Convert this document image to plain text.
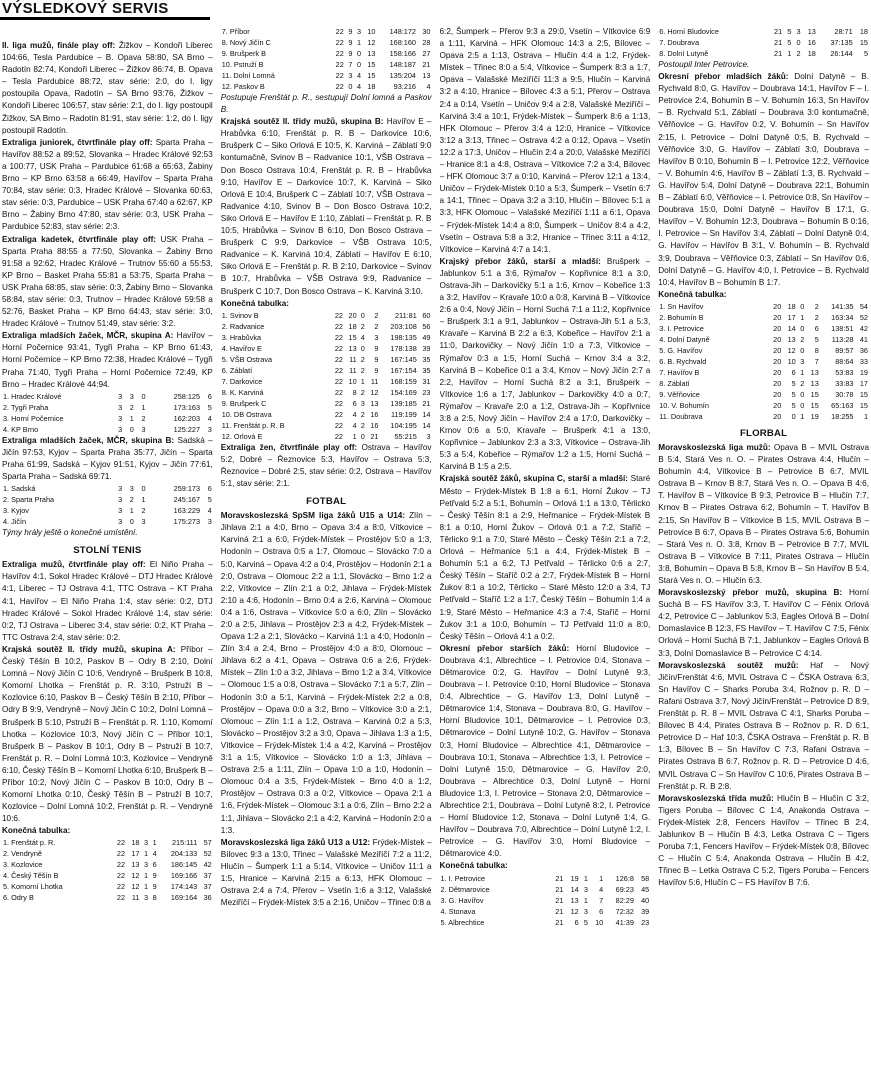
VÝSLEDKOVÝ SERVIS

II. liga mužů, finále play off: Žižkov – Kondoři Liberec 104:66, Tesla Pardubice – B. Opava 58:80, SA Brno – Radotín 82:74, Kondoři Liberec – Žižkov 86:74, B. Opava – Tesla Pardubice 88:72, stav série: 2:0, do I. ligy postoupila Opava, Radotín – SA Brno 93:76, Žižkov – Kondoři Liberec 106:57, stav série: 2:1, do I. ligy postoupil Žižkov, SA Brno – Radotín 81:91, stav série: 1:2, do I. ligy postoupil Radotín.

Extraliga juniorek, čtvrtfinále play off: Sparta Praha – Havířov 88:52 a 89:52, Slovanka – Hradec Králové 92:53 a 100:77, USK Praha – Pardubice 61:68 a 65:63, Žabiny Brno – KP Brno 63:58 a 66:49, Havířov – Sparta Praha 70:84, stav série: 0:3, Hradec Králové – Slovanka 60:63, stav série: 0:3, Pardubice – USK Praha 67:40 a 62:67, KP Brno – Žabiny Brno 47:80, stav série: 0:3, USK Praha – Pardubice 52:83, stav série: 2:3.

Extraliga kadetek, čtvrtfinále play off: USK Praha – Sparta Praha 88:55 a 77:50, Slovanka – Žabiny Brno 91:58 a 92:62, Hradec Králové – Trutnov 55:60 a 55:53, KP Brno – Basket Praha 55:81 a 53:75, Sparta Praha – USK Praha 68:85, stav série: 0:3, Žabiny Brno – Slovanka 58:84, stav série: 0:3, Trutnov – Hradec Králové 59:58 a 52:76, Basket Praha – KP Brno 64:43, stav série: 3:0, Hradec Králové – Trutnov 51:49, stav série: 3:2.

Extraliga mladších žaček, MČR, skupina A: Havířov – Horní Počernice 93:41, Tygři Praha – KP Brno 61:43, Horní Počernice – KP Brno 72:38, Hradec Králové – Tygři Praha 71:40, Tygři Praha – Horní Počernice 72:49, KP Brno – Hradec Králové 44:94.

1. Hradec Králové	3	3	0	258:125	6
2. Tygři Praha	3	2	1	173:163	5
3. Horní Počernice	3	1	2	162:203	4
4. KP Brno	3	0	3	125:227	3

Extraliga mladších žaček, MČR, skupina B: Sadská – Jičín 97:53, Kyjov – Sparta Praha 35:77, Jičín – Sparta Praha 61:99, Sadská – Kyjov 91:51, Kyjov – Jičín 77:61, Sparta Praha – Sadská 69:71.

1. Sadská	3	3	0	259:173	6
2. Sparta Praha	3	2	1	245:167	5
3. Kyjov	3	1	2	163:229	4
4. Jičín	3	0	3	175:273	3
Týmy hrály ještě o konečné umístění.
STOLNÍ TENIS

Extraliga mužů, čtvrtfinále play off: El Niño Praha – Havířov 4:1, Sokol Hradec Králové – DTJ Hradec Králové 4:1, Liberec – TJ Ostrava 4:1, TTC Ostrava – KT Praha 4:1, Havířov – El Niño Praha 1:4, stav série: 0:2, DTJ Hradec Králové – Sokol Hradec Králové 1:4, stav série: 0:2, TJ Ostrava – Liberec 3:4, stav série: 0:2, KT Praha – TTC Ostrava 2:4, stav série: 0:2.

Krajská soutěž II. třídy mužů, skupina A: Příbor – Český Těšín B 10:2, Paskov B – Odry B 2:10, Dolní Lomná – Nový Jičín C 10:6, Vendryně – Brušperk B 10:8, Komorní Lhotka – Frenštát p. R. 3:10, Pstruží B – Kozlovice 6:10, Paskov B – Český Těšín B 2:10, Příbor – Odry B 9:9, Vendryně – Nový Jičín C 10:2, Dolní Lomná – Brušperk B 5:10, Pstruží B – Frenštát p. R. 1:10, Komorní Lhotka – Kozlovice 10:3, Nový Jičín C – Příbor 10:1, Brušperk B – Paskov B 10:1, Odry B – Pstruží B 10:7, Frenštát p. R. – Dolní Lomná 10:3, Kozlovice – Vendryně 6:10, Český Těšín B – Komorní Lhotka 6:10, Brušperk B – Příbor 10:2, Nový Jičín C – Paskov B 10:0, Odry B – Komorní Lhotka 0:10, Český Těšín B – Pstruží B 10:7, Kozlovice – Dolní Lomná 10:2, Frenštát p. R. – Vendryně 10:6.

Konečná tabulka:
1. Frenštát p. R.	22	18	3	1	215:111	57
2. Vendryně	22	17	1	4	204:133	52
3. Kozlovice	22	13	3	6	186:145	42
4. Český Těšín B	22	12	1	9	169:166	37
5. Komorní Lhotka	22	12	1	9	174:143	37
6. Odry B	22	11	3	8	169:164	36
7. Příbor	22	9	3	10	148:172	30
8. Nový Jičín C	22	9	1	12	168:160	28
9. Brušperk B	22	9	0	13	158:166	27
10. Pstruží B	22	7	0	15	148:187	21
11. Dolní Lomná	22	3	4	15	135:204	13
12. Paskov B	22	0	4	18	93:216	4
Postupuje Frenštát p. R., sestupují Dolní lomná a Paskov B.

Krajská soutěž II. třídy mužů, skupina B: Havířov E – Hrabůvka 6:10, Frenštát p. R. B – Darkovice 10:6, Brušperk C – Siko Orlová E 10:5, K. Karviná – Záblatí 9:0 kontumačně, Svinov B – Radvanice 10:1, VŠB Ostrava – Don Bosco Ostrava 10:4, Frenštát p. R. B – Hrabůvka 9:10, Havířov E – Darkovice 10:7, K. Karviná – Siko Orlová E 10:4, Brušperk C – Záblatí 10:7, VŠB Ostrava – Radvanice 4:10, Svinov B – Don Bosco Ostrava 10:2, Siko Orlová E – Havířov E 1:10, Záblatí – Frenštát p. R. B 10:5, Hrabůvka – Svinov B 6:10, Don Bosco Ostrava – Brušperk C 9:9, Darkovice – VŠB Ostrava 10:5, Radvanice – K. Karviná 10:4, Záblatí – Havířov E 6:10, Siko Orlová E – Frenštát p. R. B 2:10, Darkovice – Svinov B 10:7, Hrabůvka – VŠB Ostrava 9:9, Radvanice – Brušperk C 10:7, Don Bosco Ostrava – K. Karviná 3:10.

Konečná tabulka:
1. Svinov B	22	20	0	2	211:81	60
2. Radvanice	22	18	2	2	203:108	56
3. Hrabůvka	22	15	4	3	198:135	49
4. Havířov E	22	13	0	9	178:138	39
5. VŠB Ostrava	22	11	2	9	167:145	35
6. Záblatí	22	11	2	9	167:154	35
7. Darkovice	22	10	1	11	168:159	31
8. K. Karviná	22	8	2	12	154:169	23
9. Brušperk C	22	6	3	13	139:185	21
10. DB Ostrava	22	4	2	16	119:199	14
11. Frenštát p. R. B	22	4	2	16	104:195	14
12. Orlová E	22	1	0	21	55:215	3

Extraliga žen, čtvrtfinále play off: Ostrava – Havířov 5:2, Dobré – Řeznovice 5:3, Havířov – Ostrava 5:3, Řeznovice – Dobré 2:5, stav série: 0:2, Ostrava – Havířov 5:1, stav série: 2:1.

FOTBAL

Moravskoslezská SpSM liga žáků U15 a U14: Zlín – Jihlava 2:1 a 4:0, Brno – Opava 3:4 a 8:0, Vítkovice – Karviná 2:1 a 6:0, Frýdek-Místek – Prostějov 5:0 a 1:3, Hodonín – Ostrava 0:5 a 1:7, Olomouc – Slovácko 7:0 a 5:0, Karviná – Opava 4:2 a 0:4, Prostějov – Hodonín 2:1 a 2:0, Ostrava – Olomouc 2:2 a 1:1, Slovácko – Brno 1:2 a 2:2, Vítkovice – Zlín 2:1 a 0:2, Jihlava – Frýdek-Místek 2:10 a 4:6, Hodonín – Brno 0:4 a 2:6, Karviná – Olomouc 0:4 a 1:6, Ostrava – Vítkovice 5:0 a 6:0, Zlín – Slovácko 2:0 a 2:5, Jihlava – Prostějov 2:3 a 4:2, Frýdek-Místek – Opava 1:2 a 2:1, Slovácko – Karviná 1:1 a 4:0, Hodonín – Zlín 3:4 a 2:4, Brno – Prostějov 4:0 a 8:0, Olomouc – Jihlava 6:2 a 4:1, Opava – Ostrava 0:6 a 2:6, Frýdek-Místek – Zlín 1:0 a 3:2, Jihlava – Brno 1:2 a 3:4, Vítkovice – Olomouc 1:5 a 0:8, Ostrava – Slovácko 7:1 a 5:7, Zlín – Hodonín 3:0 a 5:1, Karviná – Frýdek-Místek 2:2 a 0:8, Prostějov – Opava 0:0 a 3:2, Brno – Vítkovice 3:0 a 2:1, Olomouc – Zlín 1:1 a 1:2, Ostrava – Karviná 0:2 a 5:3, Slovácko – Prostějov 3:2 a 3:0, Opava – Jihlava 1:3 a 1:5, Vítkovice – Frýdek-Místek 1:4 a 4:2, Karviná – Prostějov 3:1 a 1:5, Vítkovice – Slovácko 1:0 a 1:3, Jihlava – Ostrava 2:5 a 1:11, Zlín – Opava 1:0 a 1:0, Hodonín – Olomouc 0:4 a 3:5, Frýdek-Místek – Brno 4:0 a 1:2, Prostějov – Ostrava 0:3 a 0:2, Vítkovice – Opava 2:1 a 1:6, Frýdek-Místek – Olomouc 3:1 a 0:6, Zlín – Brno 2:2 a 1:1, Jihlava – Slovácko 2:1 a 4:2, Karviná – Hodonín 2:0 a 1:3.

Moravskoslezská liga žáků U13 a U12: Frýdek-Místek – Bílovec 9:3 a 13:0, Třinec – Valašské Meziříčí 7:2 a 11:2, Hlučín – Šumperk 1:1 a 5:14, Vítkovice – Uničov 11:1 a 1:5, Hranice – Karviná 2:15 a 6:13, HFK Olomouc – Ostrava 2:4 a 7:4, Přerov – Vsetín 1:6 a 3:12, Valašské Meziříčí – Frýdek-Místek 3:5 a 2:16, Uničov – Třinec 0:8 a

6:2, Šumperk – Přerov 9:3 a 29:0, Vsetín – Vítkovice 6:9 a 1:11, Karviná – HFK Olomouc 14:3 a 2:5, Bílovec – Opava 2:5 a 1:13, Ostrava – Hlučín 4:4 a 1:2, Frýdek-Místek – Třinec 8:0 a 5:4, Vítkovice – Šumperk 8:3 a 1:7, Opava – Valašské Meziříčí 11:3 a 9:5, Hlučín – Karviná 3:2 a 4:10, Hranice – Bílovec 4:3 a 5:1, Přerov – Ostrava 2:4 a 0:14, Vsetín – Uničov 9:4 a 2:8, Valašské Meziříčí – Karviná 3:4 a 10:1, Frýdek-Místek – Šumperk 8:6 a 1:13, HFK Olomouc – Přerov 3:4 a 12:0, Hranice – Vítkovice 3:12 a 3:13, Třinec – Ostrava 4:2 a 0:12, Opava – Vsetín 12:2 a 17:3, Uničov – Hlučín 2:4 a 20:0, Valašské Meziříčí – Hranice 8:1 a 4:8, Ostrava – Vítkovice 7:2 a 3:4, Bílovec – HFK Olomouc 3:7 a 0:10, Karviná – Přerov 12:1 a 13:4, Uničov – Frýdek-Místek 0:10 a 5:3, Šumperk – Vsetín 6:7 a 14:1, Třinec – Opava 3:2 a 3:10, Hlučín – Bílovec 5:1 a 3:3, HFK Olomouc – Valašské Meziříčí 1:11 a 6:1, Opava – Frýdek-Místek 14:4 a 8:0, Šumperk – Uničov 8:4 a 4:2, Vsetín – Ostrava 5:8 a 3:2, Hranice – Třinec 3:11 a 4:12, Vítkovice – Karviná 4:7 a 14:1.

Krajský přebor žáků, starší a mladší: Brušperk – Jablunkov 5:1 a 3:6, Rýmařov – Kopřivnice 8:1 a 3:0, Ostrava-Jih – Darkovičky 5:1 a 1:6, Krnov – Kobeřice 1:3 a 3:2, Havířov – Kravaře 10:0 a 0:8, Karviná B – Vítkovice 2:6 a 0:4, Nový Jičín – Horní Suchá 7:1 a 11:2, Kopřivnice – Brušperk 3:1 a 9:1, Jablunkov – Ostrava-Jih 5:1 a 5:3, Kravaře – Karviná B 2:2 a 6:3, Kobeřice – Havířov 2:1 a 11:0, Darkovičky – Nový Jičín 1:0 a 7:3, Vítkovice – Rýmařov 0:3 a 1:5, Horní Suchá – Krnov 3:4 a 3:2, Karviná B – Kobeřice 0:1 a 3:4, Krnov – Nový Jičín 2:7 a 2:2, Havířov – Horní Suchá 8:2 a 3:1, Brušperk – Vítkovice 1:6 a 1:7, Jablunkov – Darkovičky 4:0 a 0:7, Rýmařov – Kravaře 2:0 a 1:2, Ostrava-Jih – Kopřivnice 3:8 a 2:5, Nový Jičín – Havířov 2:4 a 17:0, Darkovičky – Krnov 0:6 a 5:0, Kravaře – Brušperk 4:1 a 13:0, Kopřivnice – Jablunkov 2:3 a 3:3, Vítkovice – Ostrava-Jih 5:3 a 5:4, Kobeřice – Rýmařov 1:2 a 1:5, Horní Suchá – Karviná B 1:5 a 2:5.

Krajská soutěž žáků, skupina C, starší a mladší: Staré Město – Frýdek-Místek B 1:8 a 6:1, Horní Žukov – TJ Petřvald 5:2 a 5:1, Bohumín – Orlová 1:1 a 13:0, Těrlicko – Český Těšín 8:1 a 2:9, Heřmanice – Frýdek-Místek B 8:1 a 0:10, Horní Žukov – Orlová 0:1 a 7:2, Staříč – Těrlicko 9:1 a 7:0, Staré Město – Český Těšín 2:1 a 7:2, Orlová – Heřmanice 5:1 a 4:4, Frýdek-Místek B – Bohumín 5:1 a 6:2, TJ Petřvald – Těrlicko 0:6 a 2:7, Český Těšín – Staříč 0:2 a 2:7, Frýdek-Místek B – Horní Žukov 8:1 a 10:2, Těrlicko – Staré Město 12:0 a 3:4, TJ Petřvald – Staříč 1:2 a 1:7, Český Těšín – Bohumín 1:4 a 1:9, Staré Město – Heřmanice 4:3 a 7:4, Staříč – Horní Žukov 3:1 a 10:0, Bohumín – TJ Petřvald 11:0 a 8:0, Český Těšín – Orlová 4:1 a 0:2.

Okresní přebor starších žáků: Horní Bludovice – Doubrava 4:1, Albrechtice – I. Petrovice 0:4, Stonava – Dětmarovice 0:2, G. Havířov – Dolní Lutyně 9:3, Doubrava – I. Petrovice 0:10, Horní Bludovice – Stonava 0:4, Albrechtice – G. Havířov 1:3, Dolní Lutyně – Dětmarovice 1:4, Stonava – Doubrava 8:0, G. Havířov – Horní Bludovice 10:1, Dětmarovice – I. Petrovice 0:3, Dětmarovice – Dolní Lutyně 10:2, G. Havířov – Stonava 0:3, Horní Bludovice – Albrechtice 4:1, Dětmarovice – Doubrava 10:1, Stonava – Albrechtice 1:3, I. Petrovice – Dolní Lutyně 15:0, Dětmarovice – G. Havířov 2:0, Doubrava – Albrechtice 0:3, Dolní Lutyně – Horní Bludovice 1:3, I. Petrovice – Stonava 2:0, Dětmarovice – Albrechtice 2:1, Doubrava – Dolní Lutyně 8:2, I. Petrovice – Horní Bludovice 1:2, Stonava – Dolní Lutyně 1:4, G. Havířov – Doubrava 7:0, Albrechtice – Dolní Lutyně 1:2, I. Petrovice – G. Havířov 3:0, Horní Bludovice – Dětmarovice 4:0.

Konečná tabulka:
1. I. Petrovice	21	19	1	1	126:8	58
2. Dětmarovice	21	14	3	4	69:23	45
3. G. Havířov	21	13	1	7	82:29	40
4. Stonava	21	12	3	6	72:32	39
5. Albrechtice	21	6	5	10	41:39	23
6. Horní Bludovice	21	5	3	13	28:71	18
7. Doubrava	21	5	0	16	37:135	15
8. Dolní Lutyně	21	1	2	18	26:144	5
Postoupil Inter Petrovice.

Okresní přebor mladších žáků: Dolní Datyně – B. Rychvald 8:0, G. Havířov – Doubrava 14:1, Havířov F – I. Petrovice 2:4, Bohumín B – V. Bohumín 16:3, Sn Havířov – B. Rychvald 5:1, Záblatí – Doubrava 3:0 kontumačně, Věřňovice – G. Havířov 0:2, V. Bohumín – Sn Havířov 2:15, I. Petrovice – Dolní Datyně 0:5, B. Rychvald – Věřňovice 3:0, G. Havířov – Záblatí 3:0, Doubrava – Havířov B 0:10, Bohumín B – I. Petrovice 12:2, Věřňovice – V. Bohumín 4:6, Havířov B – Záblatí 1:3, B. Rychvald – G. Havířov 5:4, Dolní Datyně – Doubrava 22:1, Bohumín B – Záblatí 6:0, Věřňovice – I. Petrovice 0:8, Sn Havířov – Doubrava 15:0, Dolní Datyně – Havířov B 17:1, G. Havířov – V. Bohumín 12:3, Doubrava – Bohumín B 0:16, I. Petrovice – Sn Havířov 3:4, Záblatí – Dolní Datyně 0:4, G. Havířov – Havířov B 3:1, V. Bohumín – B. Rychvald 3:9, Doubrava – Věřňovice 0:3, Záblatí – Sn Havířov 0:6, Dolní Datyně – G. Havířov 4:0, I. Petrovice – B. Rychvald 10:4, Havířov B – Bohumín B 1:7.

Konečná tabulka:
1. Sn Havířov	20	18	0	2	141:35	54
2. Bohumín B	20	17	1	2	163:34	52
3. I. Petrovice	20	14	0	6	138:51	42
4. Dolní Datyně	20	13	2	5	113:28	41
5. G. Havířov	20	12	0	8	89:57	36
6. B. Rychvald	20	10	3	7	88:64	33
7. Havířov B	20	6	1	13	53:83	19
8. Záblatí	20	5	2	13	33:83	17
9. Věřňovice	20	5	0	15	30:78	15
10. V. Bohumín	20	5	0	15	65:163	15
11. Doubrava	20	0	1	19	18:255	1
FLORBAL

Moravskoslezská liga mužů: Opava B – MVIL Ostrava B 5:4, Stará Ves n. O. – Pirates Ostrava 4:4, Hlučín – Bohumín 4:4, Vítkovice B – Petrovice B 6:7, MVIL Ostrava B – Krnov B 8:7, Stará Ves n. O. – Opava B 4:6, T. Havířov B – Vítkovice B 9:3, Petrovice B – Hlučín 7:7, Krnov B – Pirates Ostrava 6:2, Bohumín – T. Havířov B 2:15, Sn Havířov B – Vítkovice B 1:5, MVIL Ostrava B – Petrovice B 6:7, Opava B – Pirates Ostrava 5:6, Bohumín – Stará Ves n. O. 3:8, Krnov B – Petrovice B 7:7, MVIL Ostrava B – Vítkovice B 7:11, Pirates Ostrava – Hlučín 3:8, Bohumín – Opava B 5:8, Krnov B – Sn Havířov B 5:4, Stará Ves n. O. – Hlučín 6:3.

Moravskoslezský přebor mužů, skupina B: Horní Suchá B – FS Havířov 3:3, T. Havířov C – Fénix Orlová 4:2, Petrovice C – Jablunkov 5:3, Eagles Orlová B – Dolní Domaslavice B 12:3, FS Havířov – T. Havířov C 7:5, Fénix Orlová – Horní Suchá B 7:1, Jablunkov – Eagles Orlová B 3:3, Dolní Domaslavice B – Petrovice C 4:14.

Moravskoslezská soutěž mužů: Haf – Nový Jičín/Frenštát 4:6, MVIL Ostrava C – ČSKA Ostrava 6:3, Sn Havířov C – Sharks Poruba 3:4, Rožnov p. R. D – Rafani Ostrava 3:7, Nový Jičín/Frenštát – Petrovice D 8:9, Frenštát p. R. 8 – MVIL Ostrava C 4:1, Sharks Poruba – Bílovec B 4:4, Pirates Ostrava B – Rožnov p. R. D 6:1, Petrovice D – Haf 10:3, ČSKA Ostrava – Frenštát p. R. B 1:3, Bílovec B – Sn Havířov C 7:3, Rafani Ostrava – Pirates Ostrava B 6:7, Rožnov p. R. D – Petrovice D 4:6, MVIL Ostrava C – Sn Havířov C 10:6, Pirates Ostrava B – Frenštát p. R. B 2:8.

Moravskoslezská třída mužů: Hlučín B – Hlučín C 3:2, Tigers Poruba – Bílovec C 1:4, Anakonda Ostrava – Frýdek-Místek 2:8, Fencers Havířov – Třinec B 2:4, Jablunkov B – Hlučín B 4:3, Letka Ostrava C – Tigers Poruba 7:1, Fencers Havířov – Frýdek-Místek 0:8, Bílovec C – Hlučín C 5:4, Anakonda Ostrava – Hlučín B 4:2, Třinec B – Letka Ostrava C 5:2, Tigers Poruba – Fencers Havířov 5:6, Hlučín C – FS Havířov B 7:6.
